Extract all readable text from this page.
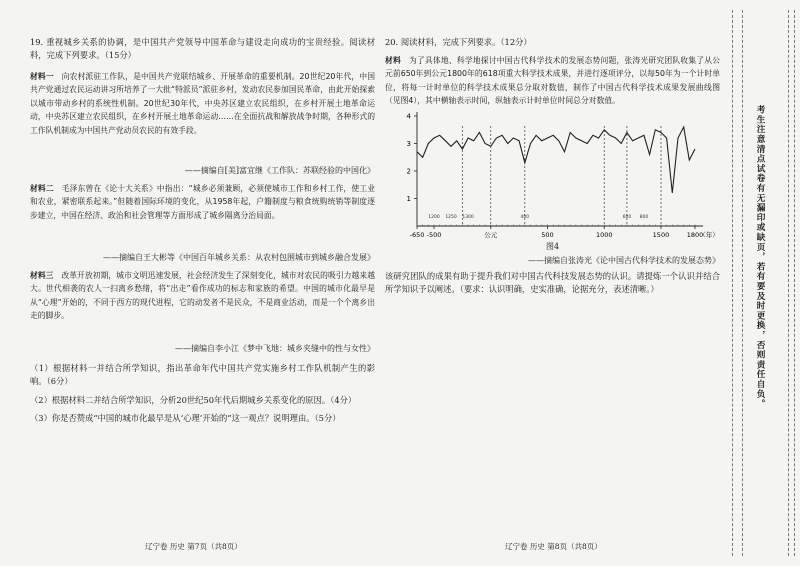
19. 重视城乡关系的协调，是中国共产党领导中国革命与建设走向成功的宝贵经验。阅读材料，完成下列要求。（15分）

材料一　 向农村派驻工作队，是中国共产党联结城乡、开展革命的重要机制。20世纪20年代，中国共产党通过农民运动讲习所培养了一大批“特派员”派驻乡村，发动农民参加国民革命，由此开始探索以城市带动乡村的系统性机制。20世纪30年代，中央苏区建立农民组织，在乡村开展土地革命运动，中央苏区建立农民组织，在乡村开展土地革命运动……在全面抗战和解放战争时期，各种形式的工作队机制成为中国共产党动员农民的有效手段。

——摘编自[美]富宜继《工作队：苏联经验的中国化》

材料二　 毛泽东曾在《论十大关系》中指出：“城乡必须兼顾，必须使城市工作和乡村工作，使工业和农业，紧密联系起来。”但随着国际环境的变化，从1958年起，户籍制度与粮食统购统销等制度逐步建立，中国在经济、政治和社会管理等方面形成了城乡隔离分治局面。

——摘编自王大彬等《中国百年城乡关系：从农村包围城市到城乡融合发展》

材料三　 改革开放初期，城市文明迅速发展，社会经济发生了深刻变化，城市对农民的吸引力越来越大。世代相袭的农人一扫离乡愁绪，将“出走”看作成功的标志和家族的希望。中国的城市化最早是从“心理”开始的，不同于西方的现代进程，它的动发者不是民众，不是商业活动，而是一个个离乡出走的脚步。

——摘编自李小江《梦中飞地：城乡夹缝中的性与女性》

（1）根据材料一并结合所学知识，指出革命年代中国共产党实施乡村工作队机制产生的影响。（6分）

（2）根据材料二并结合所学知识，分析20世纪50年代后期城乡关系变化的原因。（4分）

（3）你是否赞成“中国的城市化最早是从‘心理’开始的”这一观点？说明理由。（5分）

辽宁卷 历史 第7页（共8页）

20. 阅读材料，完成下列要求。（12分）

材料　 为了具体地、科学地探讨中国古代科学技术的发展态势问题，张涛光研究团队收集了从公元前650年到公元1800年的618项重大科学技术成果，并进行逐项评分，以每50年为一个计时单位，将每一计时单位的科学技术成果总分取对数值，制作了中国古代科学技术成果发展曲线图（见图4），其中横轴表示时间，纵轴表示计时单位时间总分对数值。

1
2
3
4
-650 -500	公元	500	1000	1500	1800
（年）
1200 1250 1300	400	600 800

图4

——摘编自张涛光《论中国古代科学技术的发展态势》

该研究团队的成果有助于提升我们对中国古代科技发展态势的认识。请提炼一个认识并结合所学知识予以阐述。（要求：认识明确，史实准确，论据充分，表述清晰。）

辽宁卷 历史 第8页（共8页）
考生注意清点试卷有无漏印或缺页，若有要及时更换，否则责任自负。
